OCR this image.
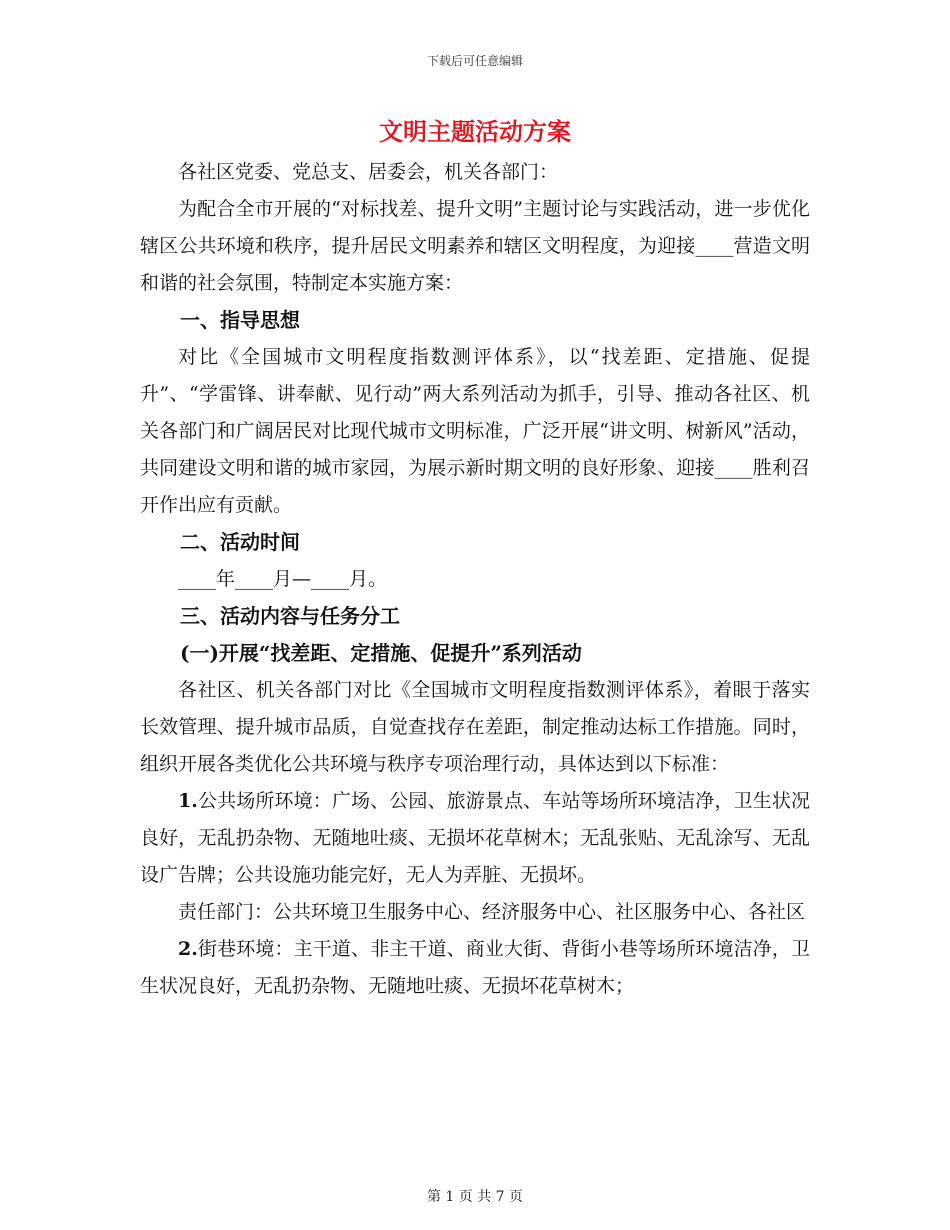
下载后可任意编辑
文明主题活动方案

各社区党委、党总支、居委会，机关各部门：

为配合全市开展的“对标找差、提升文明”主题讨论与实践活动，进一步优化辖区公共环境和秩序，提升居民文明素养和辖区文明程度，为迎接____营造文明和谐的社会氛围，特制定本实施方案：

一、指导思想

对比《全国城市文明程度指数测评体系》，以“找差距、定措施、促提升”、“学雷锋、讲奉献、见行动”两大系列活动为抓手，引导、推动各社区、机关各部门和广阔居民对比现代城市文明标准，广泛开展“讲文明、树新风”活动，共同建设文明和谐的城市家园，为展示新时期文明的良好形象、迎接____胜利召开作出应有贡献。

二、活动时间

____年____月—____月。

三、活动内容与任务分工

(一)开展“找差距、定措施、促提升”系列活动

各社区、机关各部门对比《全国城市文明程度指数测评体系》，着眼于落实长效管理、提升城市品质，自觉查找存在差距，制定推动达标工作措施。同时，组织开展各类优化公共环境与秩序专项治理行动，具体达到以下标准：

1.公共场所环境：广场、公园、旅游景点、车站等场所环境洁净，卫生状况良好，无乱扔杂物、无随地吐痰、无损坏花草树木；无乱张贴、无乱涂写、无乱设广告牌；公共设施功能完好，无人为弄脏、无损坏。

责任部门：公共环境卫生服务中心、经济服务中心、社区服务中心、各社区

2.街巷环境：主干道、非主干道、商业大街、背街小巷等场所环境洁净，卫生状况良好，无乱扔杂物、无随地吐痰、无损坏花草树木；

第 1 页 共 7 页
